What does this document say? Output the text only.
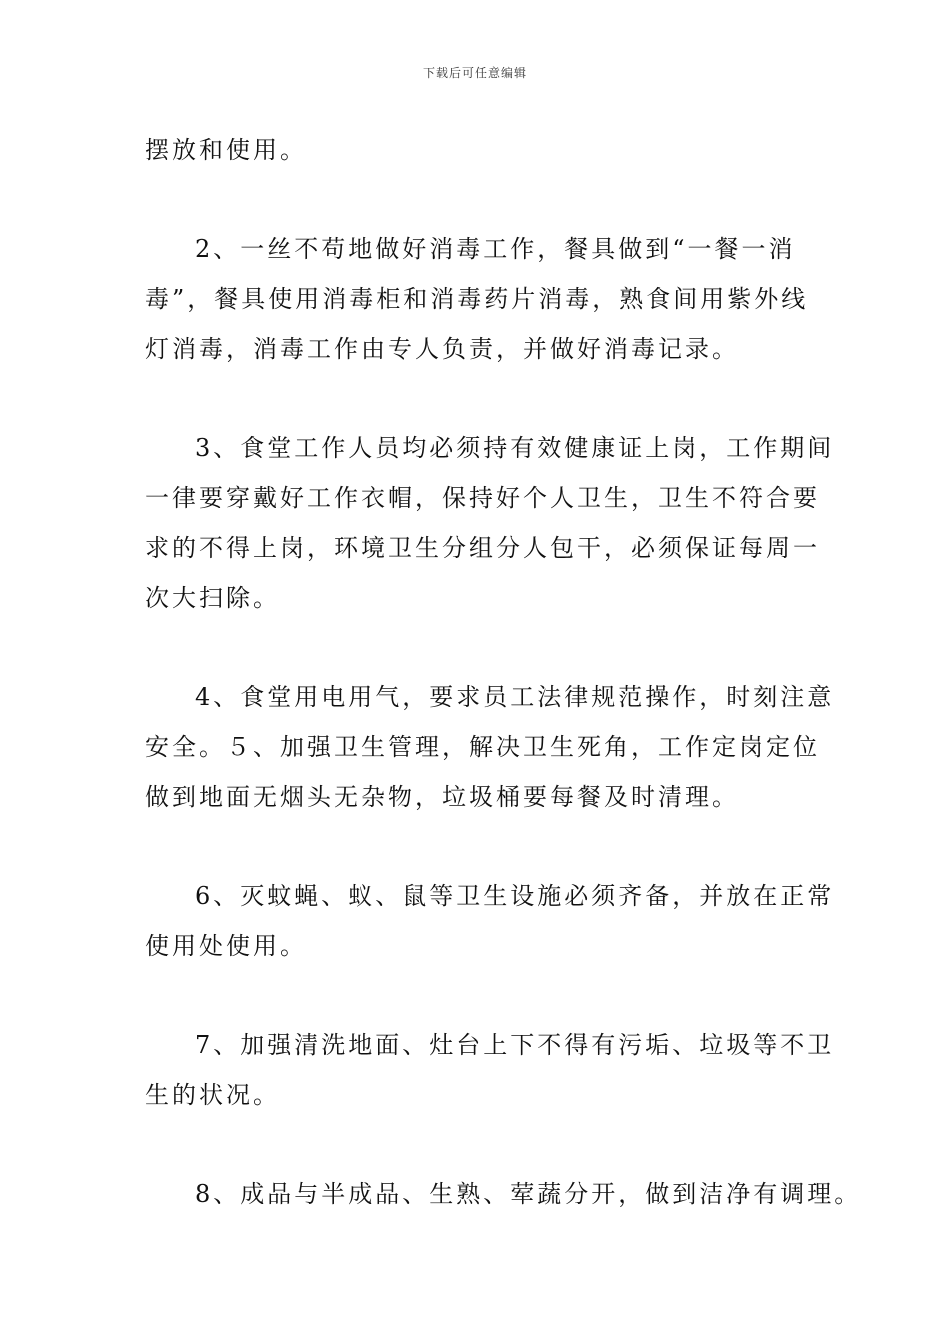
下载后可任意编辑
摆放和使用。
2、一丝不苟地做好消毒工作，餐具做到“一餐一消
毒”，餐具使用消毒柜和消毒药片消毒，熟食间用紫外线
灯消毒，消毒工作由专人负责，并做好消毒记录。
3、食堂工作人员均必须持有效健康证上岗，工作期间
一律要穿戴好工作衣帽，保持好个人卫生，卫生不符合要
求的不得上岗，环境卫生分组分人包干，必须保证每周一
次大扫除。
4、食堂用电用气，要求员工法律规范操作，时刻注意
安全。５、加强卫生管理，解决卫生死角，工作定岗定位
做到地面无烟头无杂物，垃圾桶要每餐及时清理。
6、灭蚊蝇、蚁、鼠等卫生设施必须齐备，并放在正常
使用处使用。
7、加强清洗地面、灶台上下不得有污垢、垃圾等不卫
生的状况。
8、成品与半成品、生熟、荤蔬分开，做到洁净有调理。
